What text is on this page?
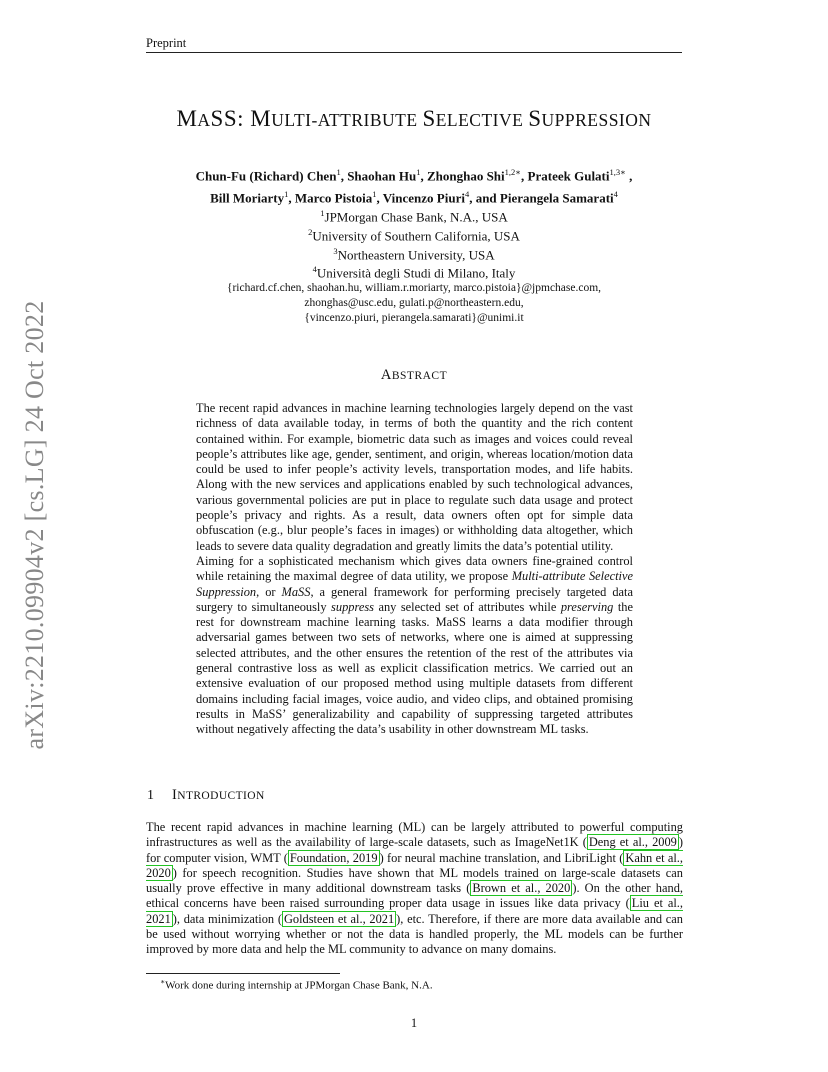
Preprint
MASS: MULTI-ATTRIBUTE SELECTIVE SUPPRESSION
Chun-Fu (Richard) Chen$^1$, Shaohan Hu$^1$, Zhonghao Shi$^{1,2∗}$, Prateek Gulati$^{1,3∗}$ ,
Bill Moriarty$^1$, Marco Pistoia$^1$, Vincenzo Piuri$^4$, and Pierangela Samarati$^4$
$^1$JPMorgan Chase Bank, N.A., USA
$^2$University of Southern California, USA
$^3$Northeastern University, USA
$^4$Università degli Studi di Milano, Italy
{richard.cf.chen, shaohan.hu, william.r.moriarty, marco.pistoia}@jpmchase.com,
zhonghas@usc.edu, gulati.p@northeastern.edu,
{vincenzo.piuri, pierangela.samarati}@unimi.it
arXiv:2210.09904v2 [cs.LG] 24 Oct 2022	ABSTRACT

The recent rapid advances in machine learning technologies largely depend on the vast richness of data available today, in terms of both the quantity and the rich content contained within. For example, biometric data such as images and voices could reveal people’s attributes like age, gender, sentiment, and origin, whereas location/motion data could be used to infer people’s activity levels, transportation modes, and life habits. Along with the new services and applications enabled by such technological advances, various governmental policies are put in place to regulate such data usage and protect people’s privacy and rights. As a result, data owners often opt for simple data obfuscation (e.g., blur people’s faces in images) or withholding data altogether, which leads to severe data quality degradation and greatly limits the data’s potential utility.

Aiming for a sophisticated mechanism which gives data owners fine-grained control while retaining the maximal degree of data utility, we propose Multi-attribute Selective Suppression, or MaSS, a general framework for performing precisely targeted data surgery to simultaneously suppress any selected set of attributes while preserving the rest for downstream machine learning tasks. MaSS learns a data modifier through adversarial games between two sets of networks, where one is aimed at suppressing selected attributes, and the other ensures the retention of the rest of the attributes via general contrastive loss as well as explicit classification metrics. We carried out an extensive evaluation of our proposed method using multiple datasets from different domains including facial images, voice audio, and video clips, and obtained promising results in MaSS’ generalizability and capability of suppressing targeted attributes without negatively affecting the data’s usability in other downstream ML tasks.

1 INTRODUCTION

The recent rapid advances in machine learning (ML) can be largely attributed to powerful computing infrastructures as well as the availability of large-scale datasets, such as ImageNet1K ( Deng et al., 2009 ) for computer vision, WMT ( Foundation, 2019 ) for neural machine translation, and LibriLight ( Kahn et al., 2020 ) for speech recognition. Studies have shown that ML models trained on large-scale datasets can usually prove effective in many additional downstream tasks ( Brown et al., 2020 ). On the other hand, ethical concerns have been raised surrounding proper data usage in issues like data privacy ( Liu et al., 2021 ), data minimization ( Goldsteen et al., 2021 ), etc. Therefore, if there are more data available and can be used without worrying whether or not the data is handled properly, the ML models can be further improved by more data and help the ML community to advance on many domains.

∗Work done during internship at JPMorgan Chase Bank, N.A.
1
